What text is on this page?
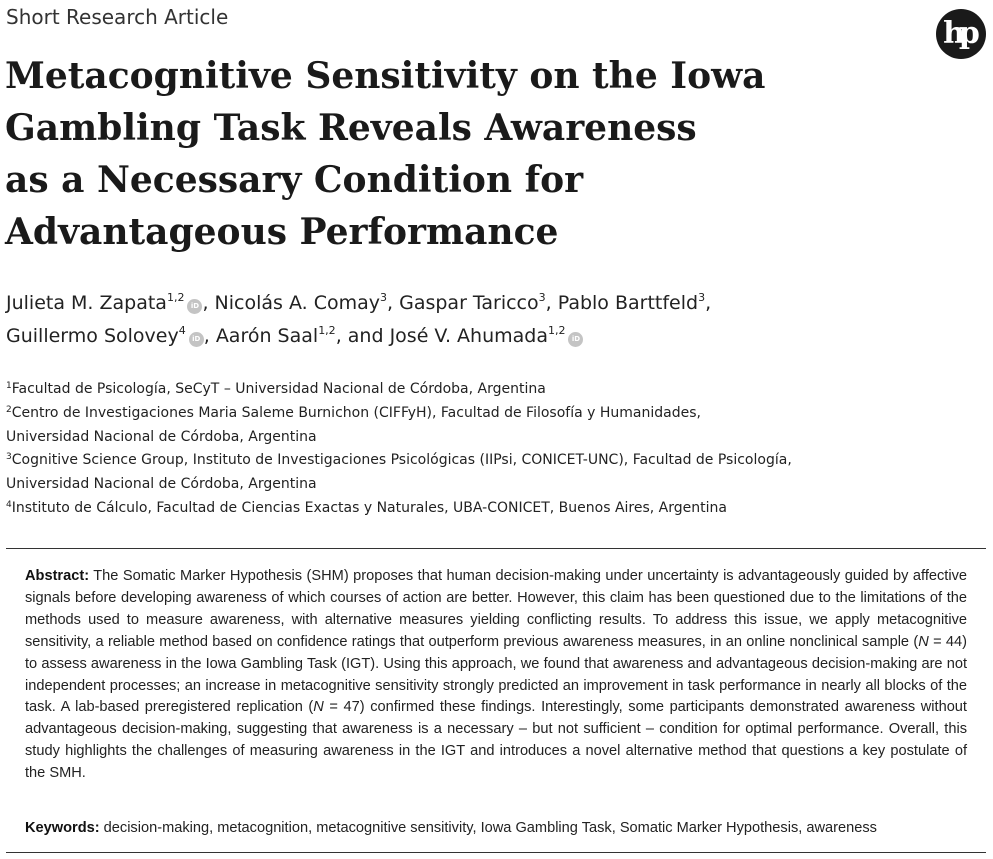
Short Research Article	hp
Metacognitive Sensitivity on the Iowa
Gambling Task Reveals Awareness
as a Necessary Condition for
Advantageous Performance
Julieta M. Zapata$^{1,2}$iD , Nicolás A. Comay$^3$, Gaspar Taricco$^3$, Pablo Barttfeld$^3$,
Guillermo Solovey$^4$iD , Aarón Saal$^{1,2}$, and José V. Ahumada$^{1,2}$iD
$^1$Facultad de Psicología, SeCyT – Universidad Nacional de Córdoba, Argentina
$^2$Centro de Investigaciones Maria Saleme Burnichon (CIFFyH), Facultad de Filosofía y Humanidades,
Universidad Nacional de Córdoba, Argentina
$^3$Cognitive Science Group, Instituto de Investigaciones Psicológicas (IIPsi, CONICET-UNC), Facultad de Psicología,
Universidad Nacional de Córdoba, Argentina
$^4$Instituto de Cálculo, Facultad de Ciencias Exactas y Naturales, UBA-CONICET, Buenos Aires, Argentina

Abstract: The Somatic Marker Hypothesis (SHM) proposes that human decision-making under uncertainty is advantageously guided by affective signals before developing awareness of which courses of action are better. However, this claim has been questioned due to the limitations of the methods used to measure awareness, with alternative measures yielding conflicting results. To address this issue, we apply metacognitive sensitivity, a reliable method based on confidence ratings that outperform previous awareness measures, in an online nonclinical sample (N = 44) to assess awareness in the Iowa Gambling Task (IGT). Using this approach, we found that awareness and advantageous decision-making are not independent processes; an increase in metacognitive sensitivity strongly predicted an improvement in task performance in nearly all blocks of the task. A lab-based preregistered replication (N = 47) confirmed these findings. Interestingly, some participants demonstrated awareness without advantageous decision-making, suggesting that awareness is a necessary – but not sufficient – condition for optimal performance. Overall, this study highlights the challenges of measuring awareness in the IGT and introduces a novel alternative method that questions a key postulate of the SMH.

Keywords: decision-making, metacognition, metacognitive sensitivity, Iowa Gambling Task, Somatic Marker Hypothesis, awareness
